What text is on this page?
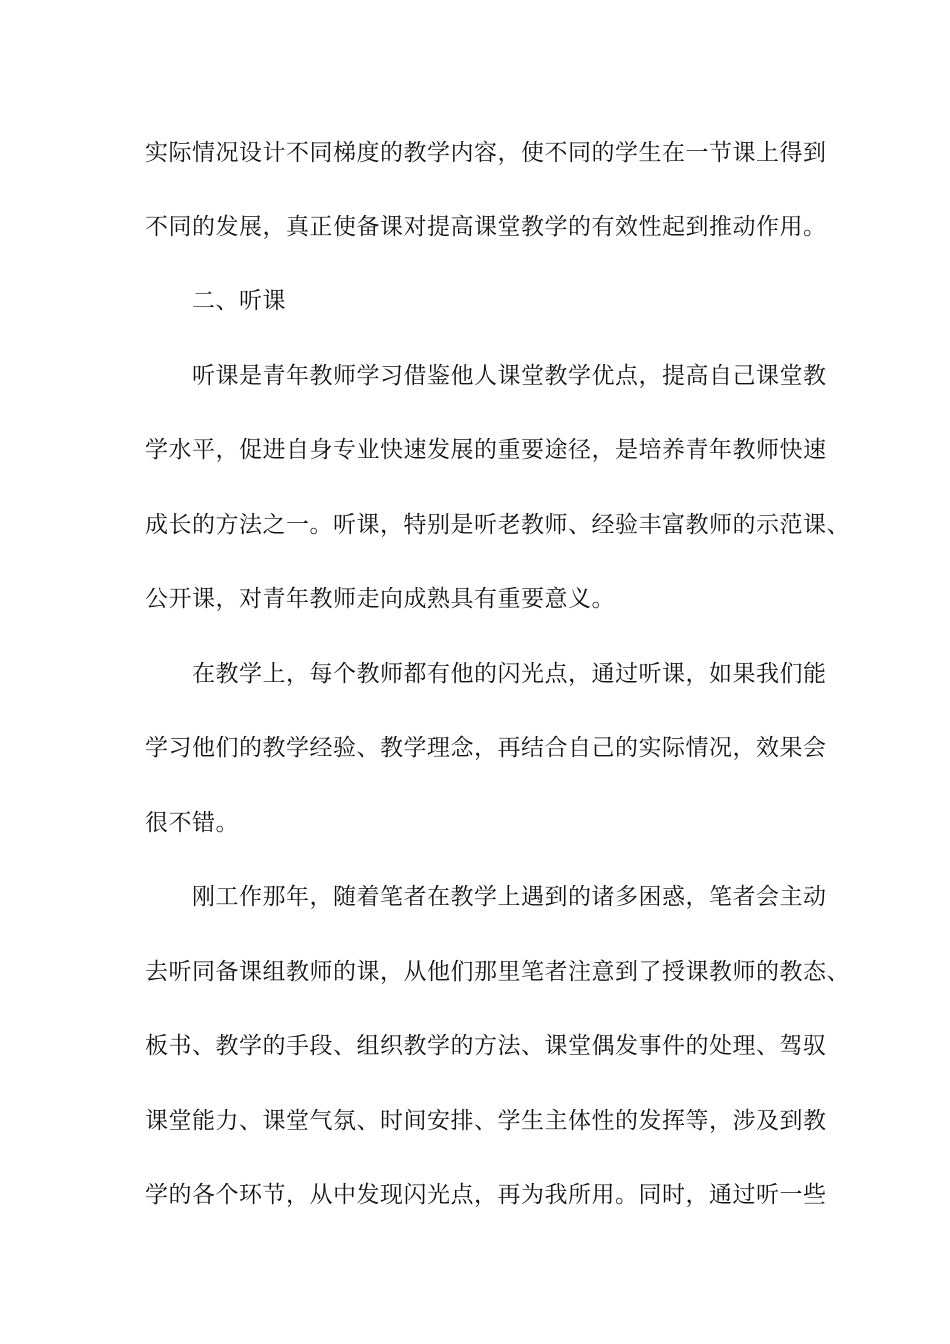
实际情况设计不同梯度的教学内容，使不同的学生在一节课上得到

不同的发展，真正使备课对提高课堂教学的有效性起到推动作用。

二、听课

听课是青年教师学习借鉴他人课堂教学优点，提高自己课堂教

学水平，促进自身专业快速发展的重要途径，是培养青年教师快速

成长的方法之一。听课，特别是听老教师、经验丰富教师的示范课、

公开课，对青年教师走向成熟具有重要意义。

在教学上，每个教师都有他的闪光点，通过听课，如果我们能

学习他们的教学经验、教学理念，再结合自己的实际情况，效果会

很不错。

刚工作那年，随着笔者在教学上遇到的诸多困惑，笔者会主动

去听同备课组教师的课，从他们那里笔者注意到了授课教师的教态、

板书、教学的手段、组织教学的方法、课堂偶发事件的处理、驾驭

课堂能力、课堂气氛、时间安排、学生主体性的发挥等，涉及到教

学的各个环节，从中发现闪光点，再为我所用。同时，通过听一些
